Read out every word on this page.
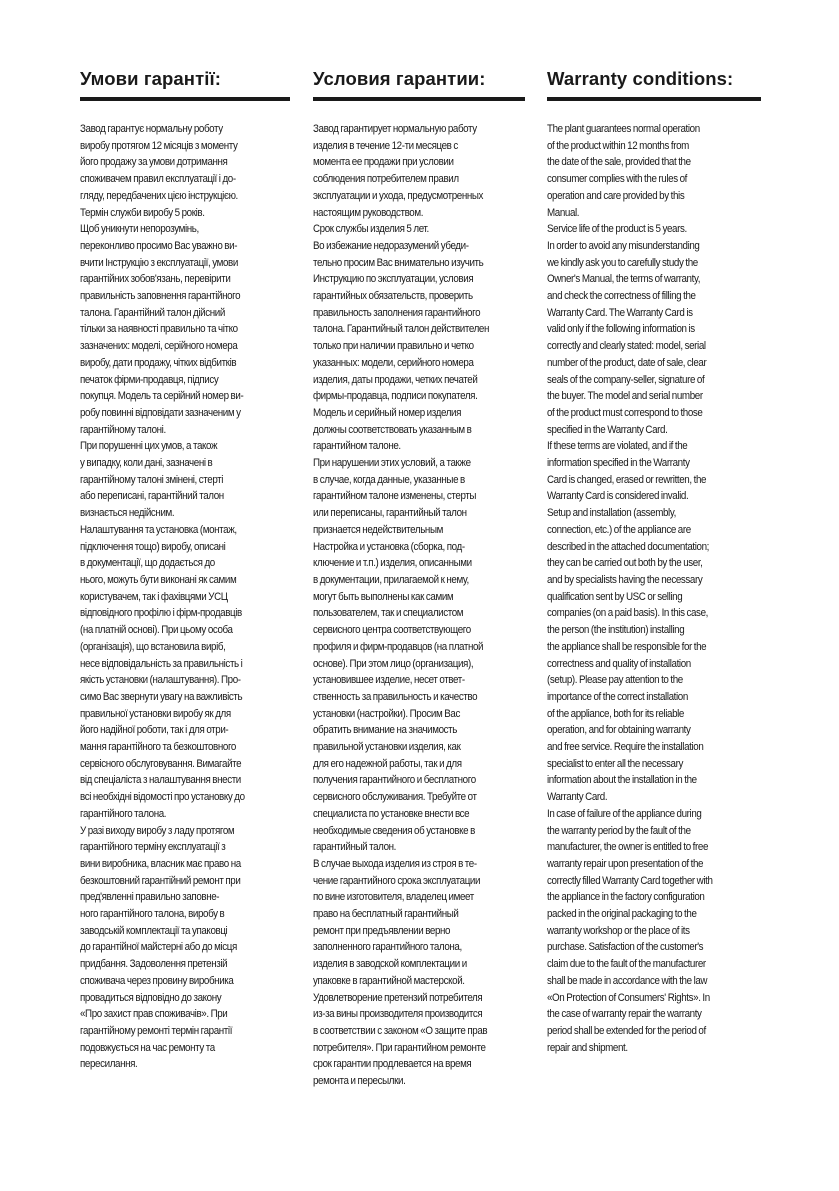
Умови гарантії:
Завод гарантує нормальну роботу
виробу протягом 12 місяців з моменту
його продажу за умови дотримання
споживачем правил експлуатації і до-
гляду, передбачених цією інструкцією.
Термін служби виробу 5 років.
Щоб уникнути непорозумінь,
переконливо просимо Вас уважно ви-
вчити Інструкцію з експлуатації, умови
гарантійних зобов'язань, перевірити
правильність заповнення гарантійного
талона. Гарантійний талон дійсний
тільки за наявності правильно та чітко
зазначених: моделі, серійного номера
виробу, дати продажу, чітких відбитків
печаток фірми-продавця, підпису
покупця. Модель та серійний номер ви-
робу повинні відповідати зазначеним у
гарантійному талоні.
При порушенні цих умов, а також
у випадку, коли дані, зазначені в
гарантійному талоні змінені, стерті
або переписані, гарантійний талон
визнається недійсним.
Налаштування та установка (монтаж,
підключення тощо) виробу, описані
в документації, що додається до
нього, можуть бути виконані як самим
користувачем, так і фахівцями УСЦ
відповідного профілю і фірм-продавців
(на платній основі). При цьому особа
(організація), що встановила виріб,
несе відповідальність за правильність і
якість установки (налаштування). Про-
симо Вас звернути увагу на важливість
правильної установки виробу як для
його надійної роботи, так і для отри-
мання гарантійного та безкоштовного
сервісного обслуговування. Вимагайте
від спеціаліста з налаштування внести
всі необхідні відомості про установку до
гарантійного талона.
У разі виходу виробу з ладу протягом
гарантійного терміну експлуатації з
вини виробника, власник має право на
безкоштовний гарантійний ремонт при
пред'явленні правильно заповне-
ного гарантійного талона, виробу в
заводській комплектації та упаковці
до гарантійної майстерні або до місця
придбання. Задоволення претензій
споживача через провину виробника
провадиться відповідно до закону
«Про захист прав споживачів». При
гарантійному ремонті термін гарантії
подовжується на час ремонту та
пересилання.
Условия гарантии:
Завод гарантирует нормальную работу
изделия в течение 12-ти месяцев с
момента ее продажи при условии
соблюдения потребителем правил
эксплуатации и ухода, предусмотренных
настоящим руководством.
Срок службы изделия 5 лет.
Во избежание недоразумений убеди-
тельно просим Вас внимательно изучить
Инструкцию по эксплуатации, условия
гарантийных обязательств, проверить
правильность заполнения гарантийного
талона. Гарантийный талон действителен
только при наличии правильно и четко
указанных: модели, серийного номера
изделия, даты продажи, четких печатей
фирмы-продавца, подписи покупателя.
Модель и серийный номер изделия
должны соответствовать указанным в
гарантийном талоне.
При нарушении этих условий, а также
в случае, когда данные, указанные в
гарантийном талоне изменены, стерты
или переписаны, гарантийный талон
признается недействительным
Настройка и установка (сборка, под-
ключение и т.п.) изделия, описанными
в документации, прилагаемой к нему,
могут быть выполнены как самим
пользователем, так и специалистом
сервисного центра соответствующего
профиля и фирм-продавцов (на платной
основе). При этом лицо (организация),
установившее изделие, несет ответ-
ственность за правильность и качество
установки (настройки). Просим Вас
обратить внимание на значимость
правильной установки изделия, как
для его надежной работы, так и для
получения гарантийного и бесплатного
сервисного обслуживания. Требуйте от
специалиста по установке внести все
необходимые сведения об установке в
гарантийный талон.
В случае выхода изделия из строя в те-
чение гарантийного срока эксплуатации
по вине изготовителя, владелец имеет
право на бесплатный гарантийный
ремонт при предъявлении верно
заполненного гарантийного талона,
изделия в заводской комплектации и
упаковке в гарантийной мастерской.
Удовлетворение претензий потребителя
из-за вины производителя производится
в соответствии с законом «О защите прав
потребителя». При гарантийном ремонте
срок гарантии продлевается на время
ремонта и пересылки.
Warranty conditions:
The plant guarantees normal operation
of the product within 12 months from
the date of the sale, provided that the
consumer complies with the rules of
operation and care provided by this
Manual.
Service life of the product is 5 years.
In order to avoid any misunderstanding
we kindly ask you to carefully study the
Owner's Manual, the terms of warranty,
and check the correctness of filling the
Warranty Card. The Warranty Card is
valid only if the following information is
correctly and clearly stated: model, serial
number of the product, date of sale, clear
seals of the company-seller, signature of
the buyer. The model and serial number
of the product must correspond to those
specified in the Warranty Card.
If these terms are violated, and if the
information specified in the Warranty
Card is changed, erased or rewritten, the
Warranty Card is considered invalid.
Setup and installation (assembly,
connection, etc.) of the appliance are
described in the attached documentation;
they can be carried out both by the user,
and by specialists having the necessary
qualification sent by USC or selling
companies (on a paid basis). In this case,
the person (the institution) installing
the appliance shall be responsible for the
correctness and quality of installation
(setup). Please pay attention to the
importance of the correct installation
of the appliance, both for its reliable
operation, and for obtaining warranty
and free service. Require the installation
specialist to enter all the necessary
information about the installation in the
Warranty Card.
In case of failure of the appliance during
the warranty period by the fault of the
manufacturer, the owner is entitled to free
warranty repair upon presentation of the
correctly filled Warranty Card together with
the appliance in the factory configuration
packed in the original packaging to the
warranty workshop or the place of its
purchase. Satisfaction of the customer's
claim due to the fault of the manufacturer
shall be made in accordance with the law
«On Protection of Consumers' Rights». In
the case of warranty repair the warranty
period shall be extended for the period of
repair and shipment.
